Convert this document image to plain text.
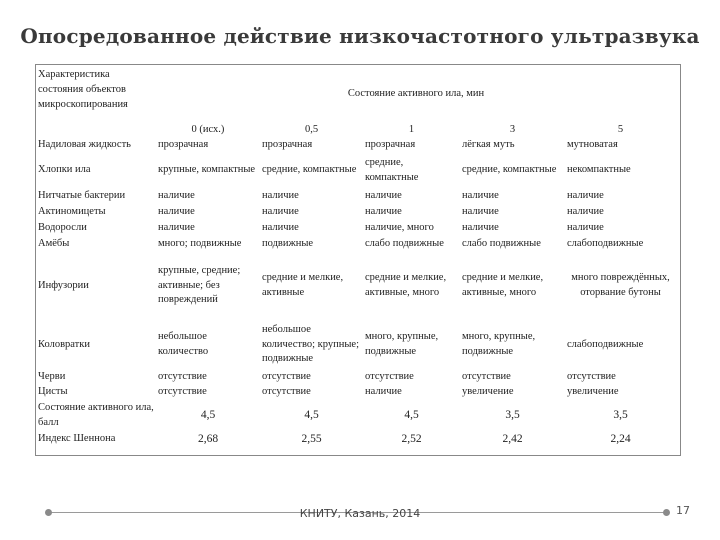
Опосредованное действие низкочастотного ультразвука
Характеристика состояния объектов микроскопирования	Состояние активного ила, мин				
	0 (исх.)	0,5	1	3	5
Надиловая жидкость	прозрачная	прозрачная	прозрачная	лёгкая муть	мутноватая
Хлопки ила	крупные, компактные	средние, компактные	средние, компактные	средние, компактные	некомпактные
Нитчатые бактерии	наличие	наличие	наличие	наличие	наличие
Актиномицеты	наличие	наличие	наличие	наличие	наличие
Водоросли	наличие	наличие	наличие, много	наличие	наличие
Амёбы	много; подвижные	подвижные	слабо подвижные	слабо подвижные	слабоподвижные
Инфузории	крупные, средние; активные; без повреждений	средние и мелкие, активные	средние и мелкие, активные, много	средние и мелкие, активные, много	много повреждённых, оторвание бутоны
Коловратки	небольшое количество	небольшое количество; крупные; подвижные	много, крупные, подвижные	много, крупные, подвижные	слабоподвижные
Черви	отсутствие	отсутствие	отсутствие	отсутствие	отсутствие
Цисты	отсутствие	отсутствие	наличие	увеличение	увеличение
Состояние активного ила, балл	4,5	4,5	4,5	3,5	3,5
Индекс Шеннона	2,68	2,55	2,52	2,42	2,24
КНИТУ, Казань, 2014	17
